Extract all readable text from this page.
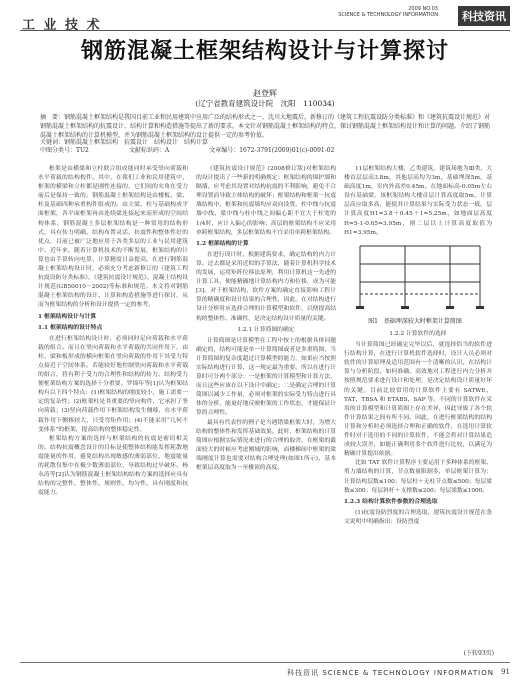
工 业 技 术
2009 NO.03
SCIENCE & TECHNOLOGY INFORMATION	科技资讯
钢筋混凝土框架结构设计与计算探讨
赵登辉
(辽宁省教育建筑设计院　沈阳　110034)
摘　要：钢筋混凝土框架结构是我国目前工业和民用建筑中应用广泛的结构形式之一，沈川大地震后，新修订的《建筑工程抗震设防分类标准》和《建筑抗震设计规范》对钢筋混凝土框架结构的抗震设计、结构计算和构造措施等提出了新的要求。本文针对钢筋混凝土框架结构的特点，探讨钢筋混凝土框架结构设计和计算的问题。介绍了钢筋混凝土框架结构的计算机模型，并为钢筋混凝土框架结构的设计提供一定的参考价值。
关键词：钢筋混凝土框架结构　抗震设计　结构设计　结构计算
中图分类号：TU2	文献标识码：A	文章编号：1672-3791(2009)01(c)-0091-02

框架是由横梁和立柱联合组成能同时承受竖向荷载和水平荷载的结构构件。其中，在我们工业和民用建筑中，框架的横梁和立柱都是刚性连接的，它们间的夹角在受力前后是保持一致的。钢筋混凝土框架结构是由楼板、梁、柱及基础四种承重构件组成的。由主梁、柱与基础构成平面框架，各平面框架再由连续梁连接起来而形成的空间结构体系。钢筋混凝土多层框架结构是一种常用的结构形式，具有传力明确、结构布置灵活、抗震性和整体性好的优点，目前已被广泛地应用于各类多层的工业与民用建筑中。近年来，随着计算机技术的不断发展，框架结构的计算也由手算转向电算，计算精度日益提高。在进行钢筋混凝土框架结构设计时，必须充分考虑新修订的《建筑工程抗震设防分类标准》、《建筑抗震设计规范》、混凝土结构设计规范(GB50010－2002)等标准和规范。本文将对钢筋混凝土框架结构的设计、计算和构造措施等进行探讨，从而为框架结构的分析和设计提供一定的参考。

1 框架结构设计与计算

1.1 框架结构的设计特点

在进行框架结构设计时，必须同时足向荷载和水平荷载的组合。而且在竖向荷载和水平荷载的共同作用下，由柱、梁和板形成的横向框架在竖向荷载的作用下其受力特点接近于空间体系。若能较好地控制竖向荷载和水平荷载的组合，将有利于受力的合理性和结构的传力。结构受力便框架结构方案的选择十分重要。罗锦年等[1]认为框架结构有以下四个特点：(1)框架结构的刚度较小，施工需要一定的复杂性；(2)框架柱是其重要的竖向构件，它承担了竖向荷载；(3)竖向荷载作用下框架结构发生侧移，在水平荷载作用下侧移较大，只受弯矩作用；(4)不能采用“几何不变体系”的框架，提高结构的整体稳定性。

框架结构方案的选择与框架结构的抗震是密切相关的。结构抗震概念设计的目标是使整体结构能发挥耗散地震能量的作用，避免结构出现敏感的薄弱部位，地震能量的耗散仅集中在极少数薄弱部位，导致结构过早破坏。杨永涛等[2]认为钢筋混凝土框架结构结构方案的选择应具有结构的完整性、整体性、规则性、均匀性、具有刚度和抗震能力。

《建筑抗震设计规范》(2008修订版)对框架结构的设计提出了一些新的明确规定：框架结构的围护墙和隔墙，应考虑其设置对结构抗震的不利影响，避免不合理设置而导致主体结构的破坏；框架结构和框架－抗震墙结构中，框架和抗震墙均应双向设置，柱中线与抗震墙中线、梁中线与柱中线之间偏心距不宜大于柱宽的1/4时，应计入偏心的影响；高层的框架结构不应采用单跨框架结构，多层框架结构不宜采用单跨框架结构。

1.2 框架结构的计算

在进行设计时，根据建筑要求，确定结构的内力计算。过去都是采用近似的手算法，随着计算机科学技术的发展，运用矩阵位移法原理，利用计算机这一先进的计算工具，便能精确地计算结构内力和位移，成为可能[3]。对于框架结构，软件方案的确定直接影响工程计算的精确度和设计结果的合理性，因此，在对结构进行设计分析时应选择合理的计算模型和软件，以便提高结构的整体性、准确性，是决定结构设计质量的关键。

1.2.1 计算简图的确定

计算简图是计算模型在工程中按上的根据具体问题确定的，结构可能是单一计算简图或者是多重简图，当计算简图的复杂度超过计算模型的能力，如果应当按照实际结构进行计算，这一规定最为重要。所以在进行计算时可分两个部分：一是框架的计算模型和计算方法，而且这些应该在以下设计中确定；二是确定合理的计算简图以减少工作量，必须对框架的实际受力特点进行具体的分析，能更好地反映框架的工作状态，才能保证计算的合理性。

最具有代表性的例子是当遇错梁框架大时，为增大结构的整体性和发挥基础效果，此时，框架结构的计算简图应根据实际情况来进行的合理的取舍，在框架的截面较大的时候应考虑刚域的影响，而楼梯间中框架的梁端刚度计算也需要对结构合理处理(如图1所示)，基本框架层高度取为一至楼顶的高度。

11层框架结构大楼，乙类建筑，建筑场地为Ⅲ类，大楼首层层高3.8m，其他层高均为3m，基础埋深5m，基础高度1m，室内外高差0.45m。在地面标高-0.05m左右设有基础梁，该框架结构大楼首层计算高度取5m，计算层高应取多高，能使其计算结果与实际受力状态一致。层计算高度H1=3.8＋0.45＋1=5.25m，如地面层高度H=5-1-0.05=3.95m，则二层以上计算高度取值为H1=3.95m。

图1　基础埋深较大时框架计算简图

1.2.2 计算软件的选择

当计算简图已经确定完毕以后，就选择恰当的软件进行结构计算，在进行计算机软件选择时，设计人员必须对软件的计算原理及适用范围有一个清晰的认识，在结构计算与分析阶段，如何准确、高效地对工程进行内力分析并按照规范要求进行设计和处理，是决定结构设计质量好坏的关键。目前比较常用的计算软件主要有 SATWE、TAT、TBSA 和 ETABS、SAP 等。不同的计算软件在采用的计算模型和计算简图上存在差异，因此导致了各个软件计算结果之间有所不同。因此，在进行框架结构的结构计算和分析时必须选择合理和正确的软件，在选用计算软件时对于选用的不同的计算软件，不能会将对计算结果造成较大误差，如能正确利用多个软件进行比较，以满足为精确计算提出依据。

比如 TAT 软件计算程序主要运用于多种体系的框架、剪力墙结构的计算，节点数量限制多，单层框架计算为：计算结构层数≤100；每层柱＋无柱节点数≤500；每层梁数≤300；每层斜杆＋支撑数≤200；每层梁数≤1000。

1.2.3 结构计算软件参数的合理选取

(1)抗震设防烈度的合理选取，建筑抗震设计规范在条文说明中明确指出：设防烈度

(下转93页)
科技资讯 SCIENCE & TECHNOLOGY INFORMATION 91
